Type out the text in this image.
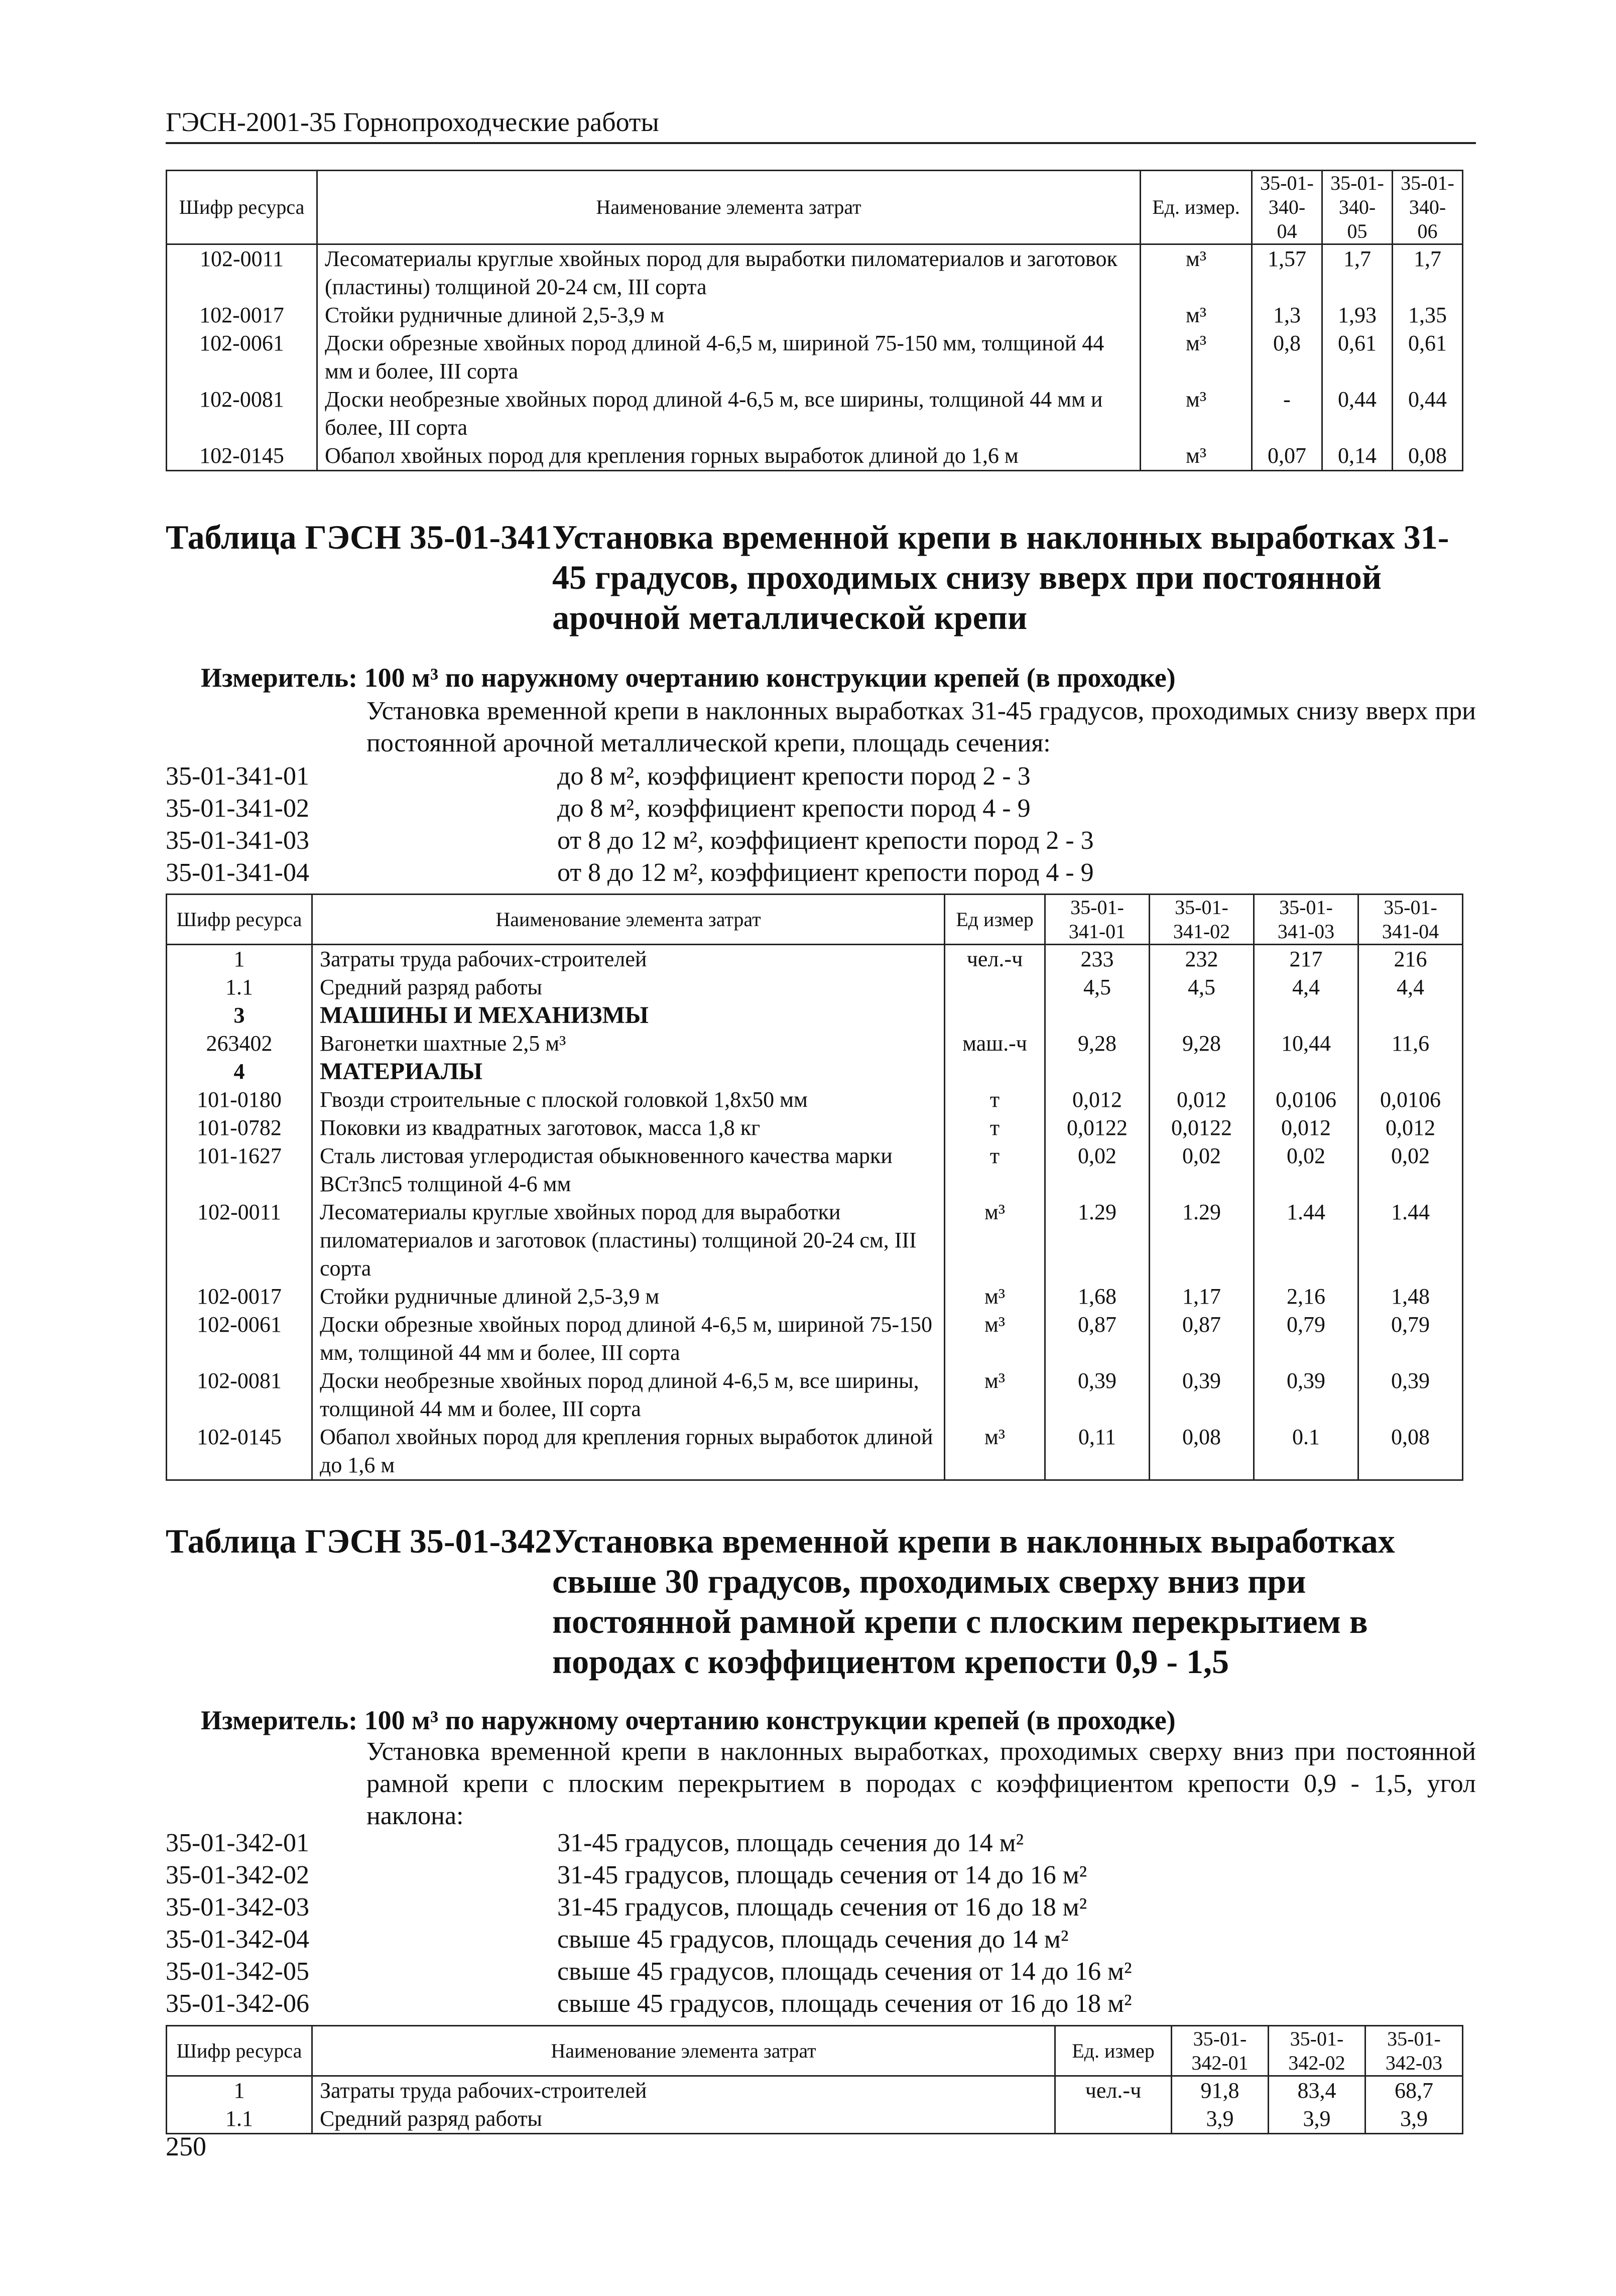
ГЭСН-2001-35 Горнопроходческие работы
Шифр ресурса	Наименование элемента затрат	Ед. измер.	35-01-340-04	35-01-340-05	35-01-340-06
102-0011	Лесоматериалы круглые хвойных пород для выработки пиломатериалов и заготовок (пластины) толщиной 20-24 см, III сорта	м³	1,57	1,7	1,7
102-0017	Стойки рудничные длиной 2,5-3,9 м	м³	1,3	1,93	1,35
102-0061	Доски обрезные хвойных пород длиной 4-6,5 м, шириной 75-150 мм, толщиной 44 мм и более, III сорта	м³	0,8	0,61	0,61
102-0081	Доски необрезные хвойных пород длиной 4-6,5 м, все ширины, толщиной 44 мм и более, III сорта	м³	-	0,44	0,44
102-0145	Обапол хвойных пород для крепления горных выработок длиной до 1,6 м	м³	0,07	0,14	0,08
Таблица ГЭСН 35-01-341Установка временной крепи в наклонных выработках 31-45 градусов, проходимых снизу вверх при постоянной арочной металлической крепи
Измеритель: 100 м³ по наружному очертанию конструкции крепей (в проходке)
Установка временной крепи в наклонных выработках 31-45 градусов, проходимых снизу вверх при постоянной арочной металлической крепи, площадь сечения:
35-01-341-01	до 8 м², коэффициент крепости пород 2 - 3
35-01-341-02	до 8 м², коэффициент крепости пород 4 - 9
35-01-341-03	от 8 до 12 м², коэффициент крепости пород 2 - 3
35-01-341-04	от 8 до 12 м², коэффициент крепости пород 4 - 9
Шифр ресурса	Наименование элемента затрат	Ед измер	35-01-341-01	35-01-341-02	35-01-341-03	35-01-341-04
1	Затраты труда рабочих-строителей	чел.-ч	233	232	217	216
1.1	Средний разряд работы		4,5	4,5	4,4	4,4
3	МАШИНЫ И МЕХАНИЗМЫ					
263402	Вагонетки шахтные 2,5 м³	маш.-ч	9,28	9,28	10,44	11,6
4	МАТЕРИАЛЫ					
101-0180	Гвозди строительные с плоской головкой 1,8x50 мм	т	0,012	0,012	0,0106	0,0106
101-0782	Поковки из квадратных заготовок, масса 1,8 кг	т	0,0122	0,0122	0,012	0,012
101-1627	Сталь листовая углеродистая обыкновенного качества марки ВСт3пс5 толщиной 4-6 мм	т	0,02	0,02	0,02	0,02
102-0011	Лесоматериалы круглые хвойных пород для выработки пиломатериалов и заготовок (пластины) толщиной 20-24 см, III сорта	м³	1.29	1.29	1.44	1.44
102-0017	Стойки рудничные длиной 2,5-3,9 м	м³	1,68	1,17	2,16	1,48
102-0061	Доски обрезные хвойных пород длиной 4-6,5 м, шириной 75-150 мм, толщиной 44 мм и более, III сорта	м³	0,87	0,87	0,79	0,79
102-0081	Доски необрезные хвойных пород длиной 4-6,5 м, все ширины, толщиной 44 мм и более, III сорта	м³	0,39	0,39	0,39	0,39
102-0145	Обапол хвойных пород для крепления горных выработок длиной до 1,6 м	м³	0,11	0,08	0.1	0,08
Таблица ГЭСН 35-01-342Установка временной крепи в наклонных выработках свыше 30 градусов, проходимых сверху вниз при постоянной рамной крепи с плоским перекрытием в породах с коэффициентом крепости 0,9 - 1,5
Измеритель: 100 м³ по наружному очертанию конструкции крепей (в проходке)
Установка временной крепи в наклонных выработках, проходимых сверху вниз при постоянной рамной крепи с плоским перекрытием в породах с коэффициентом крепости 0,9 - 1,5, угол наклона:
35-01-342-01	31-45 градусов, площадь сечения до 14 м²
35-01-342-02	31-45 градусов, площадь сечения от 14 до 16 м²
35-01-342-03	31-45 градусов, площадь сечения от 16 до 18 м²
35-01-342-04	свыше 45 градусов, площадь сечения до 14 м²
35-01-342-05	свыше 45 градусов, площадь сечения от 14 до 16 м²
35-01-342-06	свыше 45 градусов, площадь сечения от 16 до 18 м²
Шифр ресурса	Наименование элемента затрат	Ед. измер	35-01-342-01	35-01-342-02	35-01-342-03
1	Затраты труда рабочих-строителей	чел.-ч	91,8	83,4	68,7
1.1	Средний разряд работы		3,9	3,9	3,9
250
